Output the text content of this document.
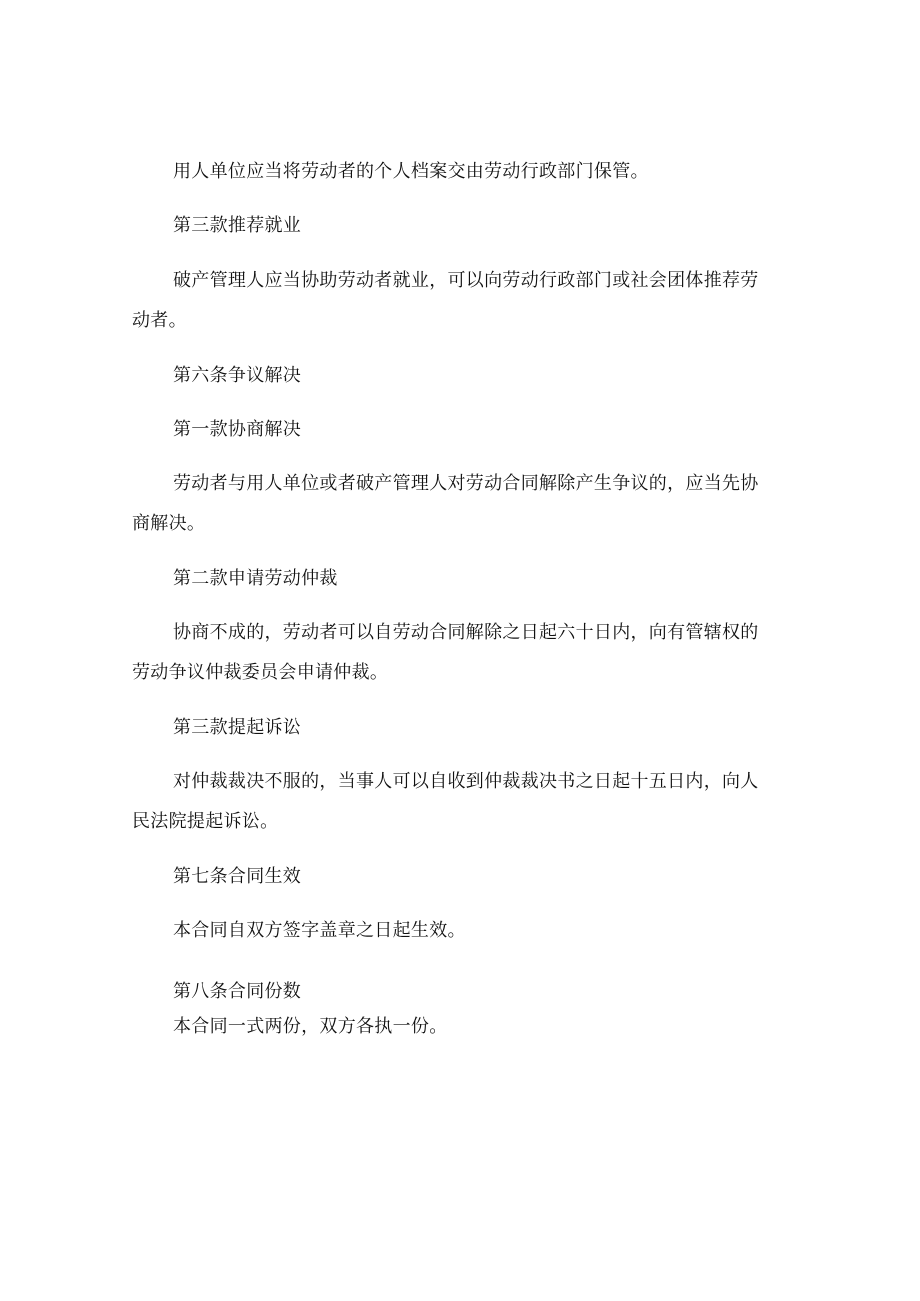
用人单位应当将劳动者的个人档案交由劳动行政部门保管。

第三款推荐就业

破产管理人应当协助劳动者就业，可以向劳动行政部门或社会团体推荐劳动者。

第六条争议解决

第一款协商解决

劳动者与用人单位或者破产管理人对劳动合同解除产生争议的，应当先协商解决。

第二款申请劳动仲裁

协商不成的，劳动者可以自劳动合同解除之日起六十日内，向有管辖权的劳动争议仲裁委员会申请仲裁。

第三款提起诉讼

对仲裁裁决不服的，当事人可以自收到仲裁裁决书之日起十五日内，向人民法院提起诉讼。

第七条合同生效

本合同自双方签字盖章之日起生效。

第八条合同份数

本合同一式两份，双方各执一份。
